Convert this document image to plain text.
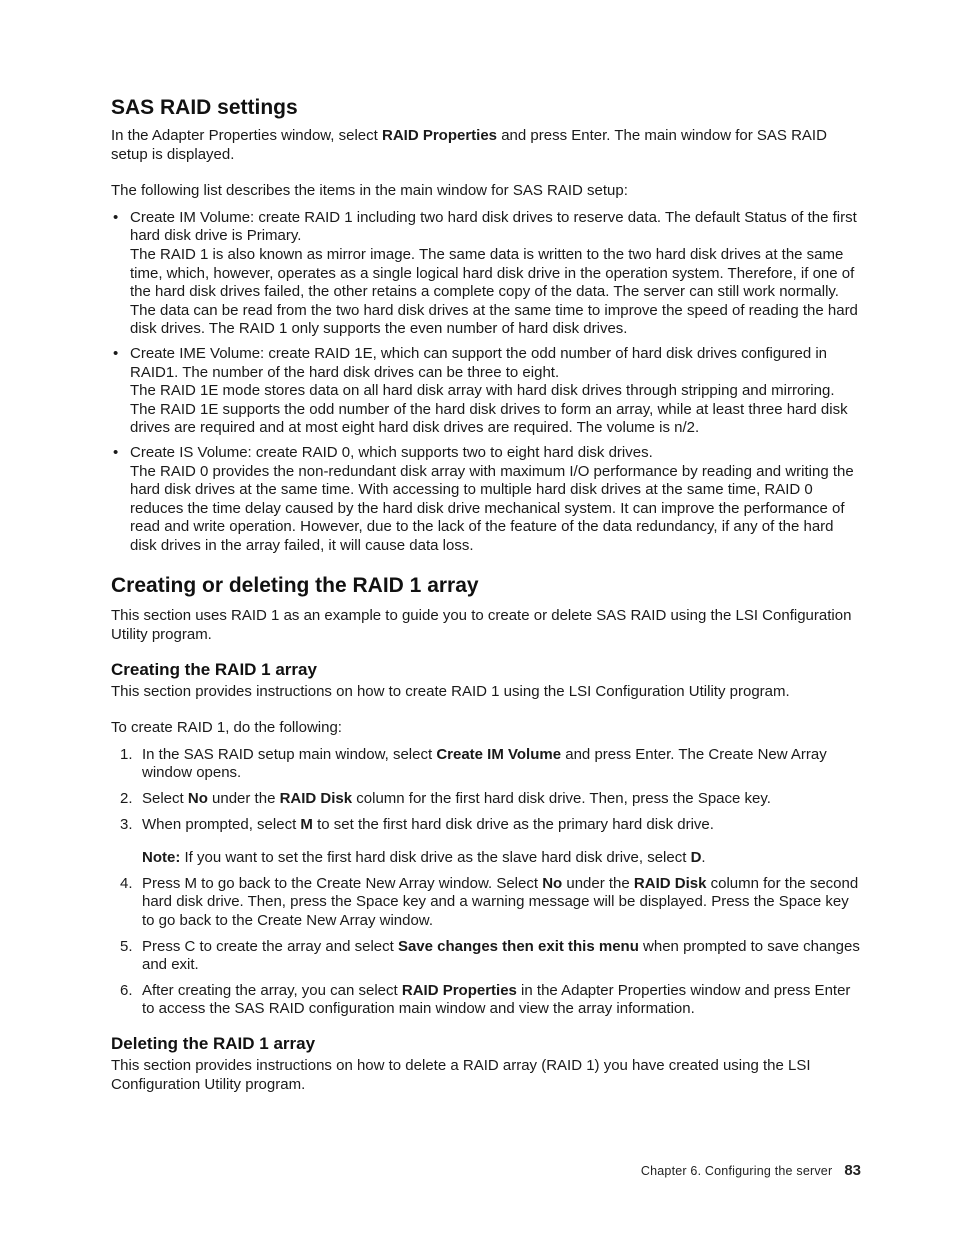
SAS RAID settings

In the Adapter Properties window, select RAID Properties and press Enter. The main window for SAS RAID setup is displayed.

The following list describes the items in the main window for SAS RAID setup:

• Create IM Volume: create RAID 1 including two hard disk drives to reserve data. The default Status of the first hard disk drive is Primary.
The RAID 1 is also known as mirror image. The same data is written to the two hard disk drives at the same time, which, however, operates as a single logical hard disk drive in the operation system. Therefore, if one of the hard disk drives failed, the other retains a complete copy of the data. The server can still work normally. The data can be read from the two hard disk drives at the same time to improve the speed of reading the hard disk drives. The RAID 1 only supports the even number of hard disk drives.
• Create IME Volume: create RAID 1E, which can support the odd number of hard disk drives configured in RAID1. The number of the hard disk drives can be three to eight.
The RAID 1E mode stores data on all hard disk array with hard disk drives through stripping and mirroring. The RAID 1E supports the odd number of the hard disk drives to form an array, while at least three hard disk drives are required and at most eight hard disk drives are required. The volume is n/2.
• Create IS Volume: create RAID 0, which supports two to eight hard disk drives.
The RAID 0 provides the non-redundant disk array with maximum I/O performance by reading and writing the hard disk drives at the same time. With accessing to multiple hard disk drives at the same time, RAID 0 reduces the time delay caused by the hard disk drive mechanical system. It can improve the performance of read and write operation. However, due to the lack of the feature of the data redundancy, if any of the hard disk drives in the array failed, it will cause data loss.
Creating or deleting the RAID 1 array

This section uses RAID 1 as an example to guide you to create or delete SAS RAID using the LSI Configuration Utility program.

Creating the RAID 1 array

This section provides instructions on how to create RAID 1 using the LSI Configuration Utility program.

To create RAID 1, do the following:

1. In the SAS RAID setup main window, select Create IM Volume and press Enter. The Create New Array window opens.
2. Select No under the RAID Disk column for the first hard disk drive. Then, press the Space key.
3. When prompted, select M to set the first hard disk drive as the primary hard disk drive.

Note: If you want to set the first hard disk drive as the slave hard disk drive, select D.

4. Press M to go back to the Create New Array window. Select No under the RAID Disk column for the second hard disk drive. Then, press the Space key and a warning message will be displayed. Press the Space key to go back to the Create New Array window.
5. Press C to create the array and select Save changes then exit this menu when prompted to save changes and exit.
6. After creating the array, you can select RAID Properties in the Adapter Properties window and press Enter to access the SAS RAID configuration main window and view the array information.
Deleting the RAID 1 array

This section provides instructions on how to delete a RAID array (RAID 1) you have created using the LSI Configuration Utility program.

Chapter 6. Configuring the server 83
